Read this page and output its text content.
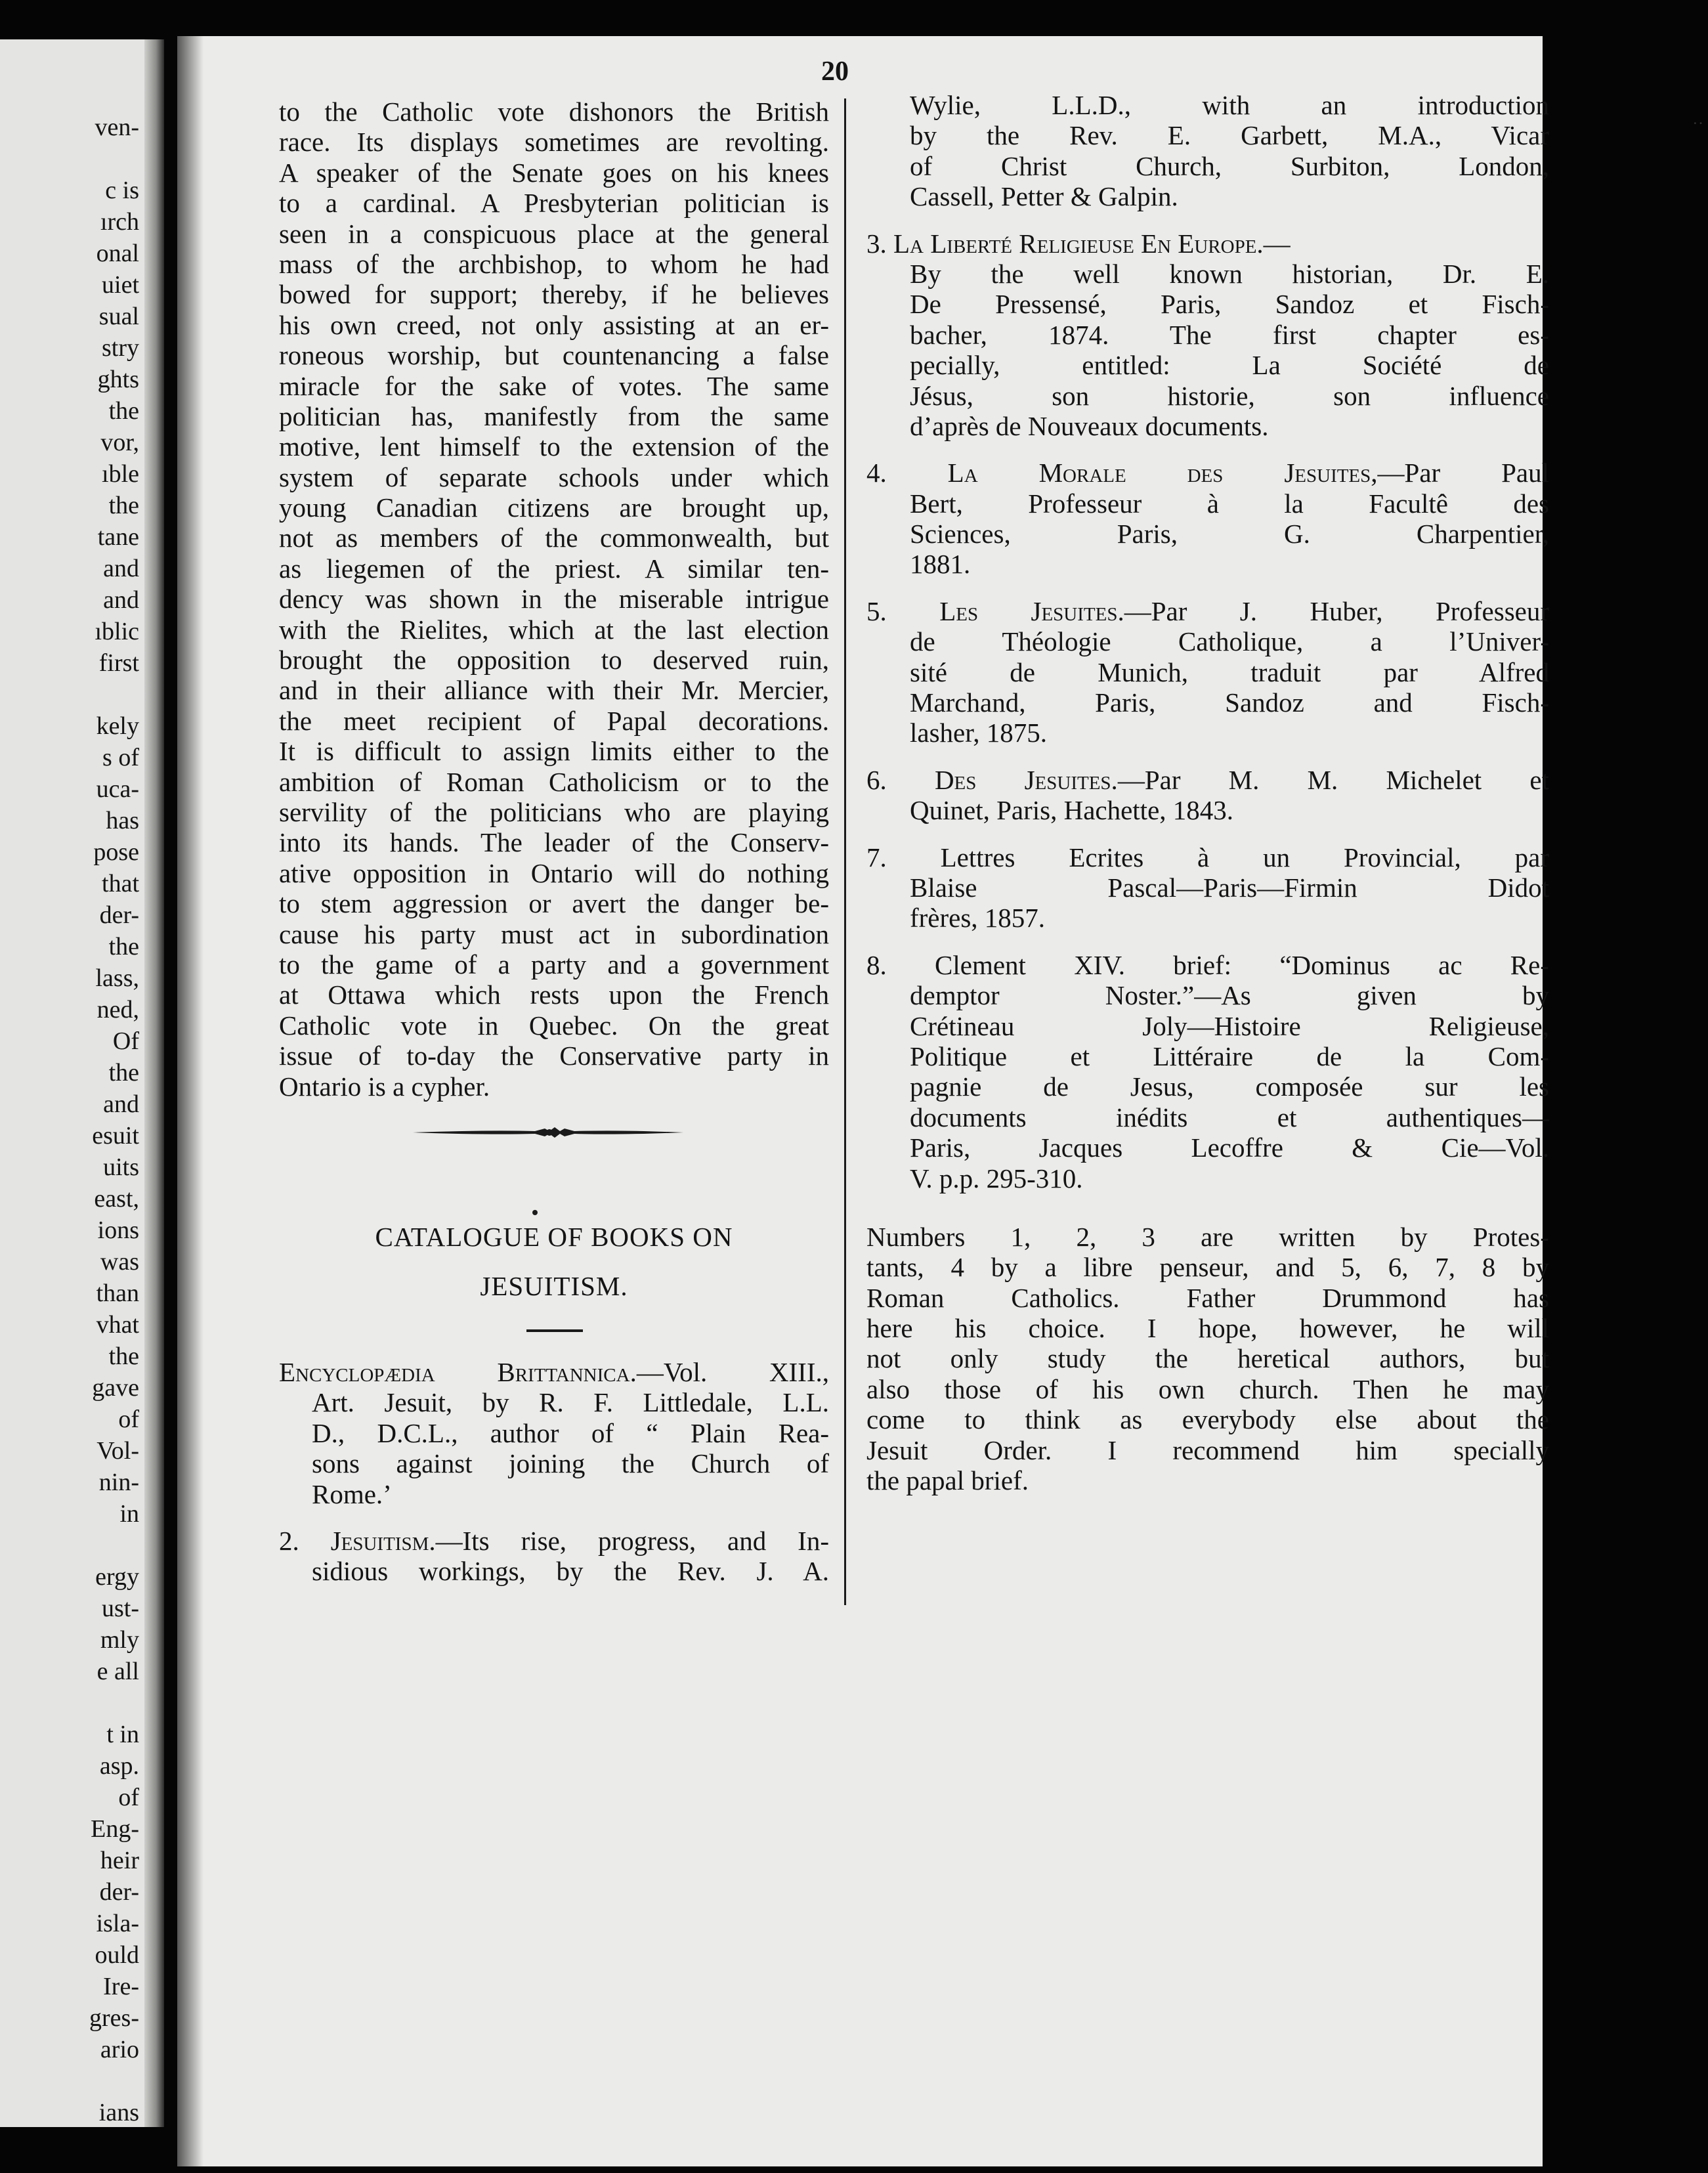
ven-
c is
ırch
onal
uiet
sual
stry
ghts
the
vor,
ıble
the
tane
and
and
ıblic
first
kely
s of
uca-
has
pose
that
der-
the
lass,
ned,
Of
the
and
esuit
uits
east,
ions
was
than
vhat
the
gave
of
Vol-
nin-
in
ergy
ust-
mly
e all
t in
asp.
of
Eng-
heir
der-
isla-
ould
Ire-
gres-
ario
ians
20
˙˙
to the Catholic vote dishonors the British
race. Its displays sometimes are revolting.
A speaker of the Senate goes on his knees
to a cardinal. A Presbyterian politician is
seen in a conspicuous place at the general
mass of the archbishop, to whom he had
bowed for support; thereby, if he believes
his own creed, not only assisting at an er-
roneous worship, but countenancing a false
miracle for the sake of votes. The same
politician has, manifestly from the same
motive, lent himself to the extension of the
system of separate schools under which
young Canadian citizens are brought up,
not as members of the commonwealth, but
as liegemen of the priest. A similar ten-
dency was shown in the miserable intrigue
with the Rielites, which at the last election
brought the opposition to deserved ruin,
and in their alliance with their Mr. Mercier,
the meet recipient of Papal decorations.
It is difficult to assign limits either to the
ambition of Roman Catholicism or to the
servility of the politicians who are playing
into its hands. The leader of the Conserv-
ative opposition in Ontario will do nothing
to stem aggression or avert the danger be-
cause his party must act in subordination
to the game of a party and a government
at Ottawa which rests upon the French
Catholic vote in Quebec. On the great
issue of to-day the Conservative party in
Ontario is a cypher.
CATALOGUE OF BOOKS ON
JESUITISM.
Encyclopædia Brittannica.—Vol. XIII.,
Art. Jesuit, by R. F. Littledale, L.L.
D., D.C.L., author of “ Plain Rea-
sons against joining the Church of
Rome.’
2. Jesuitism.—Its rise, progress, and In-
sidious workings, by the Rev. J. A.
Wylie, L.L.D., with an introduction
by the Rev. E. Garbett, M.A., Vicar
of Christ Church, Surbiton, London,
Cassell, Petter & Galpin.
3. La Liberté Religieuse En Europe.—
By the well known historian, Dr. E.
De Pressensé, Paris, Sandoz et Fisch-
bacher, 1874. The first chapter es-
pecially, entitled: La Société de
Jésus, son historie, son influence
d’après de Nouveaux documents.
4. La Morale des Jesuites,—Par Paul
Bert, Professeur à la Facultê des
Sciences, Paris, G. Charpentier,
1881.
5. Les Jesuites.—Par J. Huber, Professeur
de Théologie Catholique, a l’Univer-
sité de Munich, traduit par Alfred
Marchand, Paris, Sandoz and Fisch-
lasher, 1875.
6. Des Jesuites.—Par M. M. Michelet et
Quinet, Paris, Hachette, 1843.
7. Lettres Ecrites à un Provincial, par
Blaise Pascal—Paris—Firmin Didot
frères, 1857.
8. Clement XIV. brief: “Dominus ac Re-
demptor Noster.”—As given by
Crétineau Joly—Histoire Religieuse,
Politique et Littéraire de la Com-
pagnie de Jesus, composée sur les
documents inédits et authentiques—
Paris, Jacques Lecoffre & Cie—Vol.
V. p.p. 295-310.
Numbers 1, 2, 3 are written by Protes-
tants, 4 by a libre penseur, and 5, 6, 7, 8 by
Roman Catholics. Father Drummond has
here his choice. I hope, however, he will
not only study the heretical authors, but
also those of his own church. Then he may
come to think as everybody else about the
Jesuit Order. I recommend him specially
the papal brief.
